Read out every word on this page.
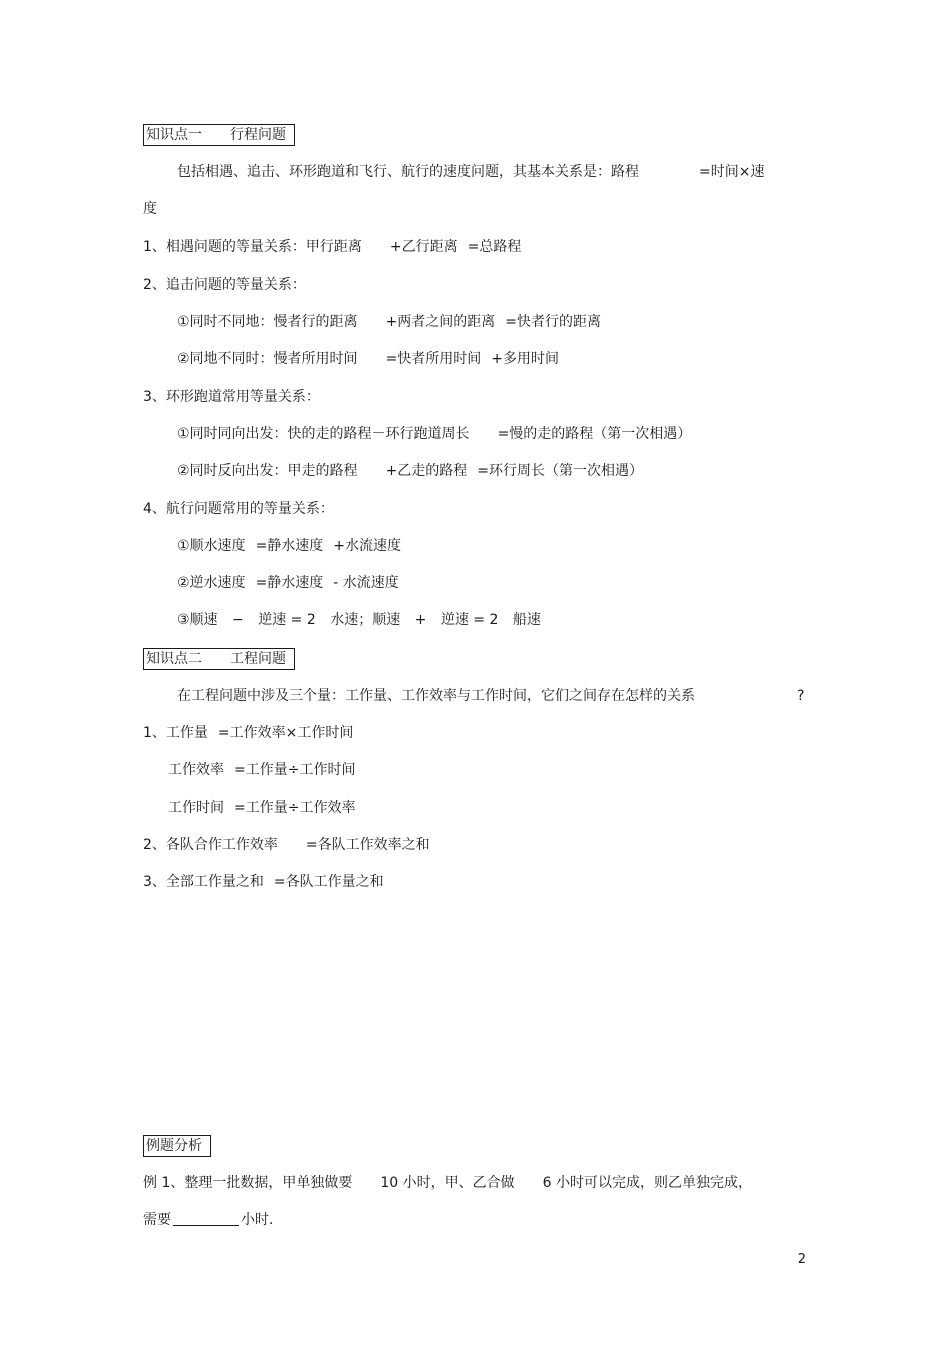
知识点一 行程问题
包括相遇、追击、环形跑道和飞行、航行的速度问题，其基本关系是：路程	=时间×速
度
1、相遇问题的等量关系：甲行距离 +乙行距离 =总路程
2、追击问题的等量关系：
①同时不同地：慢者行的距离 +两者之间的距离 =快者行的距离
②同地不同时：慢者所用时间 =快者所用时间 +多用时间
3、环形跑道常用等量关系：
①同时同向出发：快的走的路程－环行跑道周长 =慢的走的路程（第一次相遇）
②同时反向出发：甲走的路程 +乙走的路程 =环行周长（第一次相遇）
4、航行问题常用的等量关系：
①顺水速度 =静水速度 +水流速度
②逆水速度 =静水速度 - 水流速度
③顺速 − 逆速 = 2 水速；顺速 + 逆速 = 2 船速
知识点二 工程问题
在工程问题中涉及三个量：工作量、工作效率与工作时间，它们之间存在怎样的关系	?
1、工作量 =工作效率×工作时间
工作效率 =工作量÷工作时间
工作时间 =工作量÷工作效率
2、各队合作工作效率 =各队工作效率之和
3、全部工作量之和 =各队工作量之和
例题分析
例 1、整理一批数据，甲单独做要 10 小时，甲、乙合做 6 小时可以完成，则乙单独完成，
需要	小时.
2
